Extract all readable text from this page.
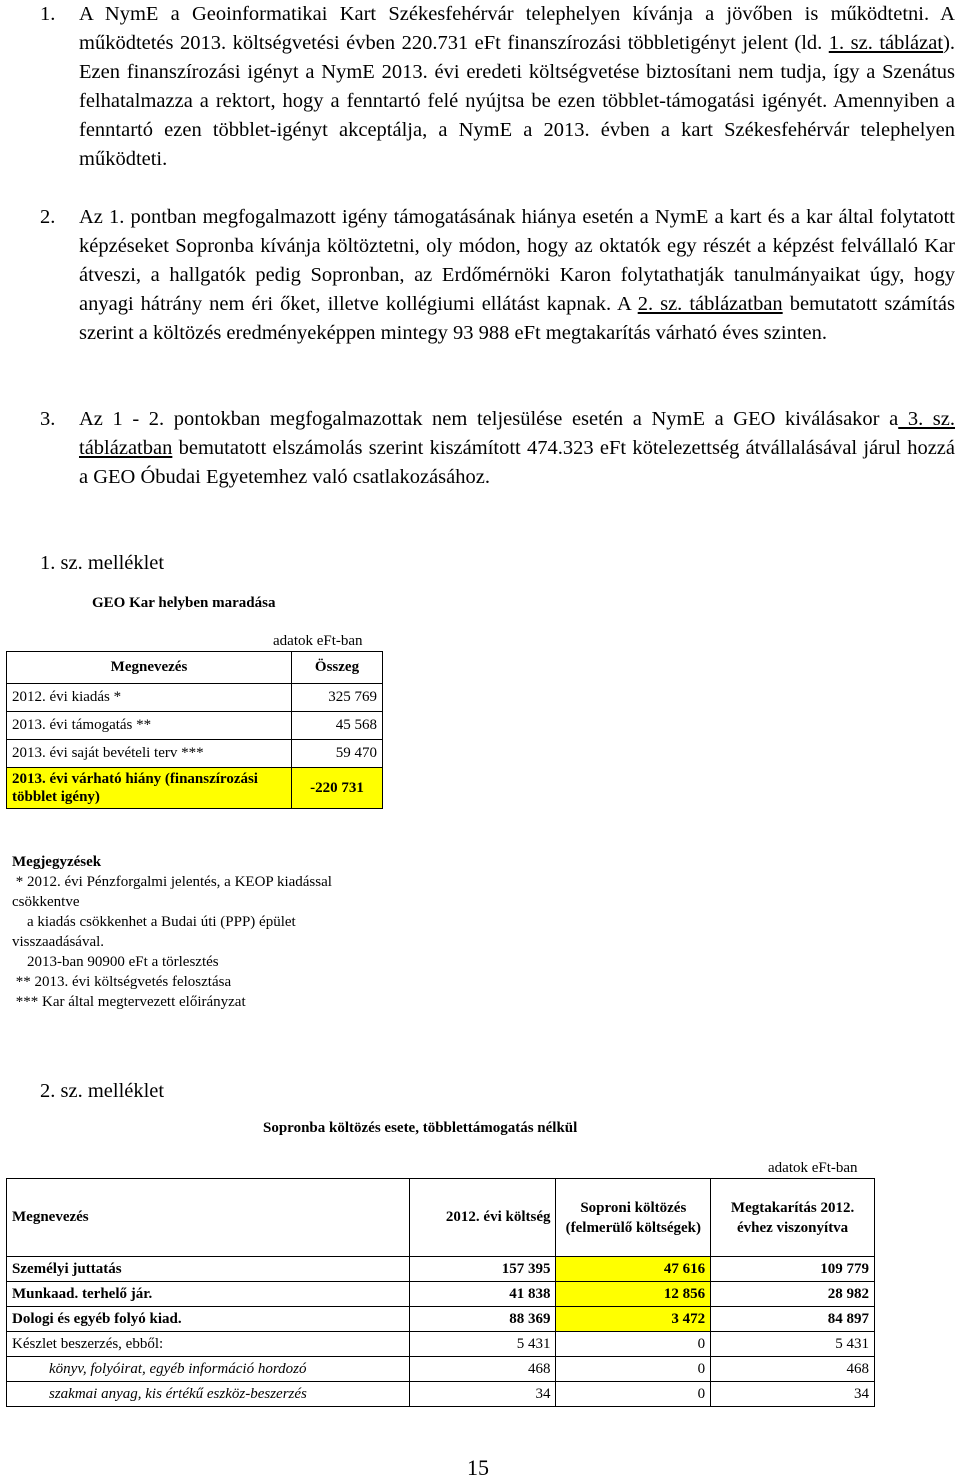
1. A NymE a Geoinformatikai Kart Székesfehérvár telephelyen kívánja a jövőben is működtetni. A működtetés 2013. költségvetési évben 220.731 eFt finanszírozási többletigényt jelent (ld. 1. sz. táblázat). Ezen finanszírozási igényt a NymE 2013. évi eredeti költségvetése biztosítani nem tudja, így a Szenátus felhatalmazza a rektort, hogy a fenntartó felé nyújtsa be ezen többlet-támogatási igényét. Amennyiben a fenntartó ezen többlet-igényt akceptálja, a NymE a 2013. évben a kart Székesfehérvár telephelyen működteti.
2. Az 1. pontban megfogalmazott igény támogatásának hiánya esetén a NymE a kart és a kar által folytatott képzéseket Sopronba kívánja költöztetni, oly módon, hogy az oktatók egy részét a képzést felvállaló Kar átveszi, a hallgatók pedig Sopronban, az Erdőmérnöki Karon folytathatják tanulmányaikat úgy, hogy anyagi hátrány nem éri őket, illetve kollégiumi ellátást kapnak. A 2. sz. táblázatban bemutatott számítás szerint a költözés eredményeképpen mintegy 93 988 eFt megtakarítás várható éves szinten.
3. Az 1 - 2. pontokban megfogalmazottak nem teljesülése esetén a NymE a GEO kiválásakor a 3. sz. táblázatban bemutatott elszámolás szerint kiszámított 474.323 eFt kötelezettség átvállalásával járul hozzá a GEO Óbudai Egyetemhez való csatlakozásához.
1. sz. melléklet
GEO Kar helyben maradása
adatok eFt-ban
Megnevezés	Összeg
2012. évi kiadás *	325 769
2013. évi támogatás **	45 568
2013. évi saját bevételi terv ***	59 470
2013. évi várható hiány (finanszírozási többlet igény)	-220 731
Megjegyzések
* 2012. évi Pénzforgalmi jelentés, a KEOP kiadással csökkentve
a kiadás csökkenhet a Budai úti (PPP) épület visszaadásával.
2013-ban 90900 eFt a törlesztés
** 2013. évi költségvetés felosztása
*** Kar által megtervezett előirányzat
2. sz. melléklet
Sopronba költözés esete, többlettámogatás nélkül
adatok eFt-ban
Megnevezés	2012. évi költség	Soproni költözés (felmerülő költségek)	Megtakarítás 2012. évhez viszonyítva
Személyi juttatás	157 395	47 616	109 779
Munkaad. terhelő jár.	41 838	12 856	28 982
Dologi és egyéb folyó kiad.	88 369	3 472	84 897
Készlet beszerzés, ebből:	5 431	0	5 431
könyv, folyóirat, egyéb információ hordozó	468	0	468
szakmai anyag, kis értékű eszköz-beszerzés	34	0	34
15
